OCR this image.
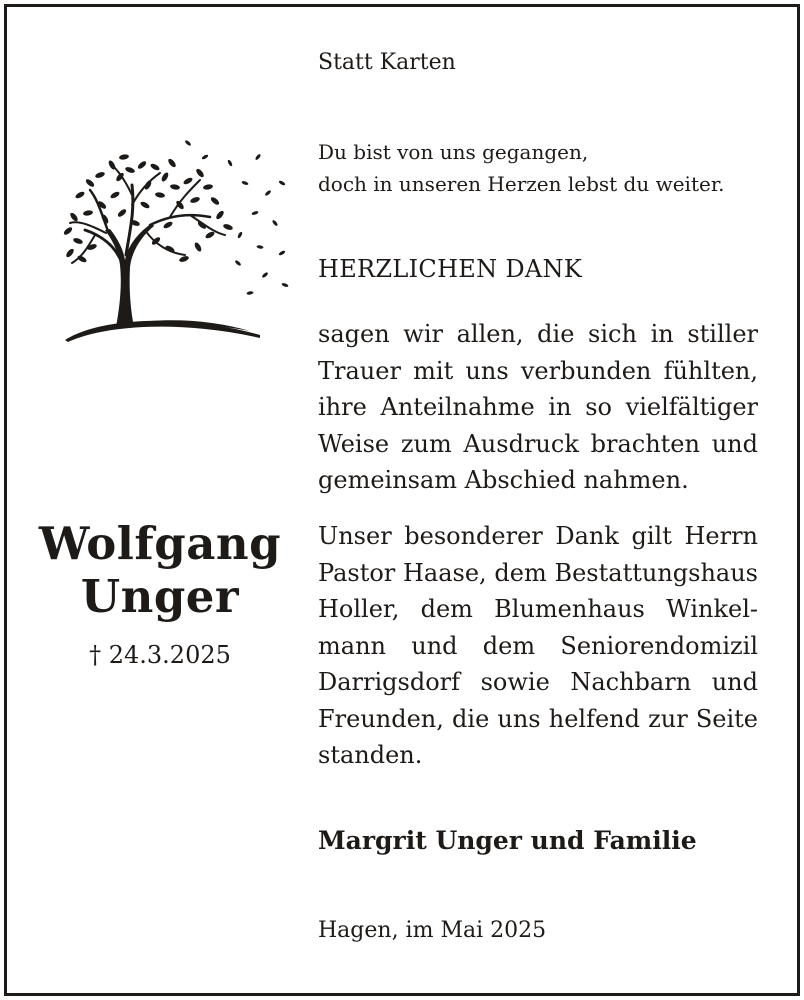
Wolfgang
Unger
† 24.3.2025
Statt Karten
Du bist von uns gegangen,
doch in unseren Herzen lebst du weiter.
HERZLICHEN DANK
sagen wir allen, die sich in stiller
Trauer mit uns verbunden fühlten,
ihre Anteilnahme in so vielfältiger
Weise zum Ausdruck brachten und
gemeinsam Abschied nahmen.
Unser besonderer Dank gilt Herrn
Pastor Haase, dem Bestattungshaus
Holler, dem Blumenhaus Winkel-
mann und dem Seniorendomizil
Darrigsdorf sowie Nachbarn und
Freunden, die uns helfend zur Seite
standen.
Margrit Unger und Familie
Hagen, im Mai 2025
